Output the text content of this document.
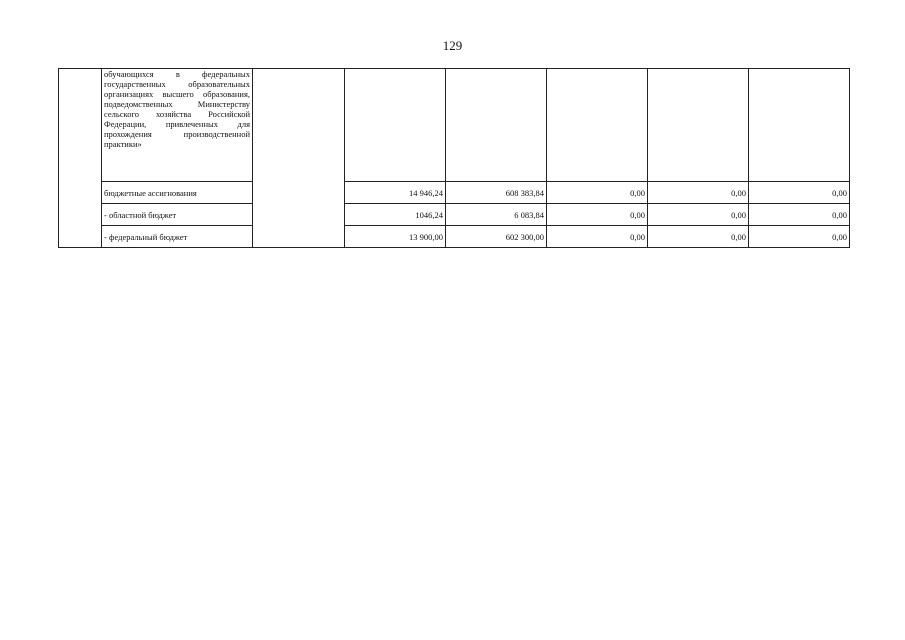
129
	обучающихся в федеральных государственных образовательных организациях высшего образования, подведомственных Министерству сельского хозяйства Российской Федерации, привлеченных для прохождения производственной практики»						
	бюджетные ассигнования		14 946,24	608 383,84	0,00	0,00	0,00
	- областной бюджет		1046,24	6 083,84	0,00	0,00	0,00
	- федеральный бюджет		13 900,00	602 300,00	0,00	0,00	0,00
